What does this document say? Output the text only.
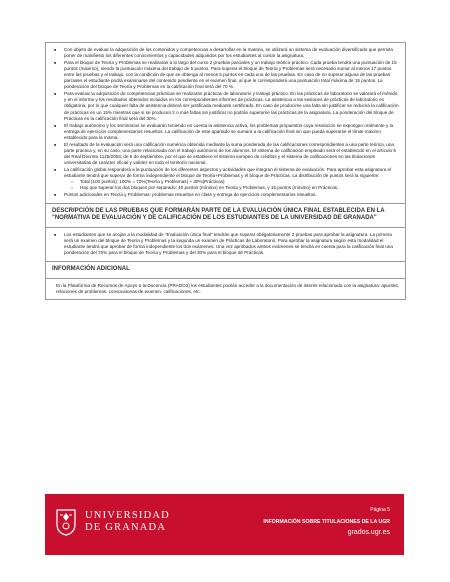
■ Con objeto de evaluar la adquisición de los contenidos y competencias a desarrollar en la materia, se utilizará un sistema de evaluación diversificado que permita poner de manifiesto los diferentes conocimientos y capacidades adquiridos por los estudiantes al cursar la asignatura.
■ Para el bloque de Teoría y Problemas se realizarán a lo largo del curso 2 pruebas parciales y un trabajo teórico-práctico. Cada prueba tendrá una puntuación de 15 puntos (máximo), siendo la puntuación máxima del trabajo de 5 puntos. Para superar el bloque de Teoría y Problemas será necesario sumar al menos 17 puntos entre las pruebas y el trabajo, con la condición de que se obtenga al menos 5 puntos en cada una de las pruebas. En caso de no superar alguna de las pruebas parciales el estudiante podrá examinarse del contenido pendiente en el examen final, al que le corresponderá una puntuación total máxima de 15 puntos. La ponderación del bloque de Teoría y Problemas en la calificación final será del 70 %.
■ Para evaluar la adquisición de competencias prácticas se realizarán prácticas de laboratorio y trabajo práctico. En las prácticas de laboratorio se valorará el método y en el informe y los resultados obtenidos incluidos en los correspondientes informes de prácticas. La asistencia a las sesiones de prácticas de laboratorio es obligatoria, por lo que cualquier falta de asistencia deberá ser justificada mediante certificado. En caso de producirse una falta sin justificar se reducirá la calificación de prácticas en un 15% mientras que si se producen 2 o más faltas sin justificar no podrán superarse las prácticas de la asignatura. La ponderación del bloque de Prácticas en la calificación final será del 30%.
■ El trabajo autónomo y los seminarios se evaluarán teniendo en cuenta la asistencia activa, los problemas propuestos cuya resolución se expongan oralmente y la entrega de ejercicios complementarios resueltos. La calificación de este apartado se sumará a la calificación final sin que pueda superarse el límite máximo establecido para la misma.
■ El resultado de la evaluación será una calificación numérica obtenida mediante la suma ponderada de las calificaciones correspondientes a una parte teórica, una parte práctica y, en su caso, una parte relacionada con el trabajo autónomo de los alumnos. El sistema de calificación empleado será el establecido en el artículo 5 del Real Decreto 1125/2003, de 5 de septiembre, por el que se establece el sistema europeo de créditos y el sistema de calificaciones en las titulaciones universitarias de carácter oficial y validez en todo el territorio nacional.
■ La calificación global responderá a la puntuación de los diferentes aspectos y actividades que integran el sistema de evaluación. Para aprobar esta asignatura el estudiante tendrá que superar de forma independiente el bloque de Teoría+Problemas y el bloque de Prácticas. La distribución de puntos será la siguiente:
○ Total (100 puntos): 100% = 70%(Teoría y Problemas) + 30%(Prácticas)
○ Hay que superar los dos bloques por separado: 40 puntos (mínimo) en Teoría y Problemas, y 15 puntos (mínimo) en Prácticas.
■ Puntos adicionales en Teoría y Problemas: problemas resueltos en clase y entrega de ejercicios complementarios resueltos.
DESCRIPCIÓN DE LAS PRUEBAS QUE FORMARÁN PARTE DE LA EVALUACIÓN ÚNICA FINAL ESTABLECIDA EN LA "NORMATIVA DE EVALUACIÓN Y DE CALIFICACIÓN DE LOS ESTUDIANTES DE LA UNIVERSIDAD DE GRANADA"
■ Los estudiantes que se acojan a la modalidad de "Evaluación única final" tendrán que superar obligatoriamente 2 pruebas para aprobar la asignatura. La primera será un examen del bloque de Teoría y Problemas y la segunda un examen de Prácticas de Laboratorio. Para aprobar la asignatura según esta modalidad el estudiante tendrá que aprobar de forma independiente los dos exámenes. Una vez aprobados ambos exámenes se tendrá en cuenta para la calificación final una ponderación del 70% para el bloque de Teoría y Problemas y del 30% para el bloque de Prácticas.
INFORMACIÓN ADICIONAL
En la Plataforma de Recursos de Apoyo a la Docencia (PRADO2) los estudiantes podrán acceder a la documentación de interés relacionada con la asignatura: apuntes, relaciones de problemas, convocatorias de examen, calificaciones, etc.
UNIVERSIDAD
DE GRANADA
Página 5
INFORMACIÓN SOBRE TITULACIONES DE LA UGR
grados.ugr.es
